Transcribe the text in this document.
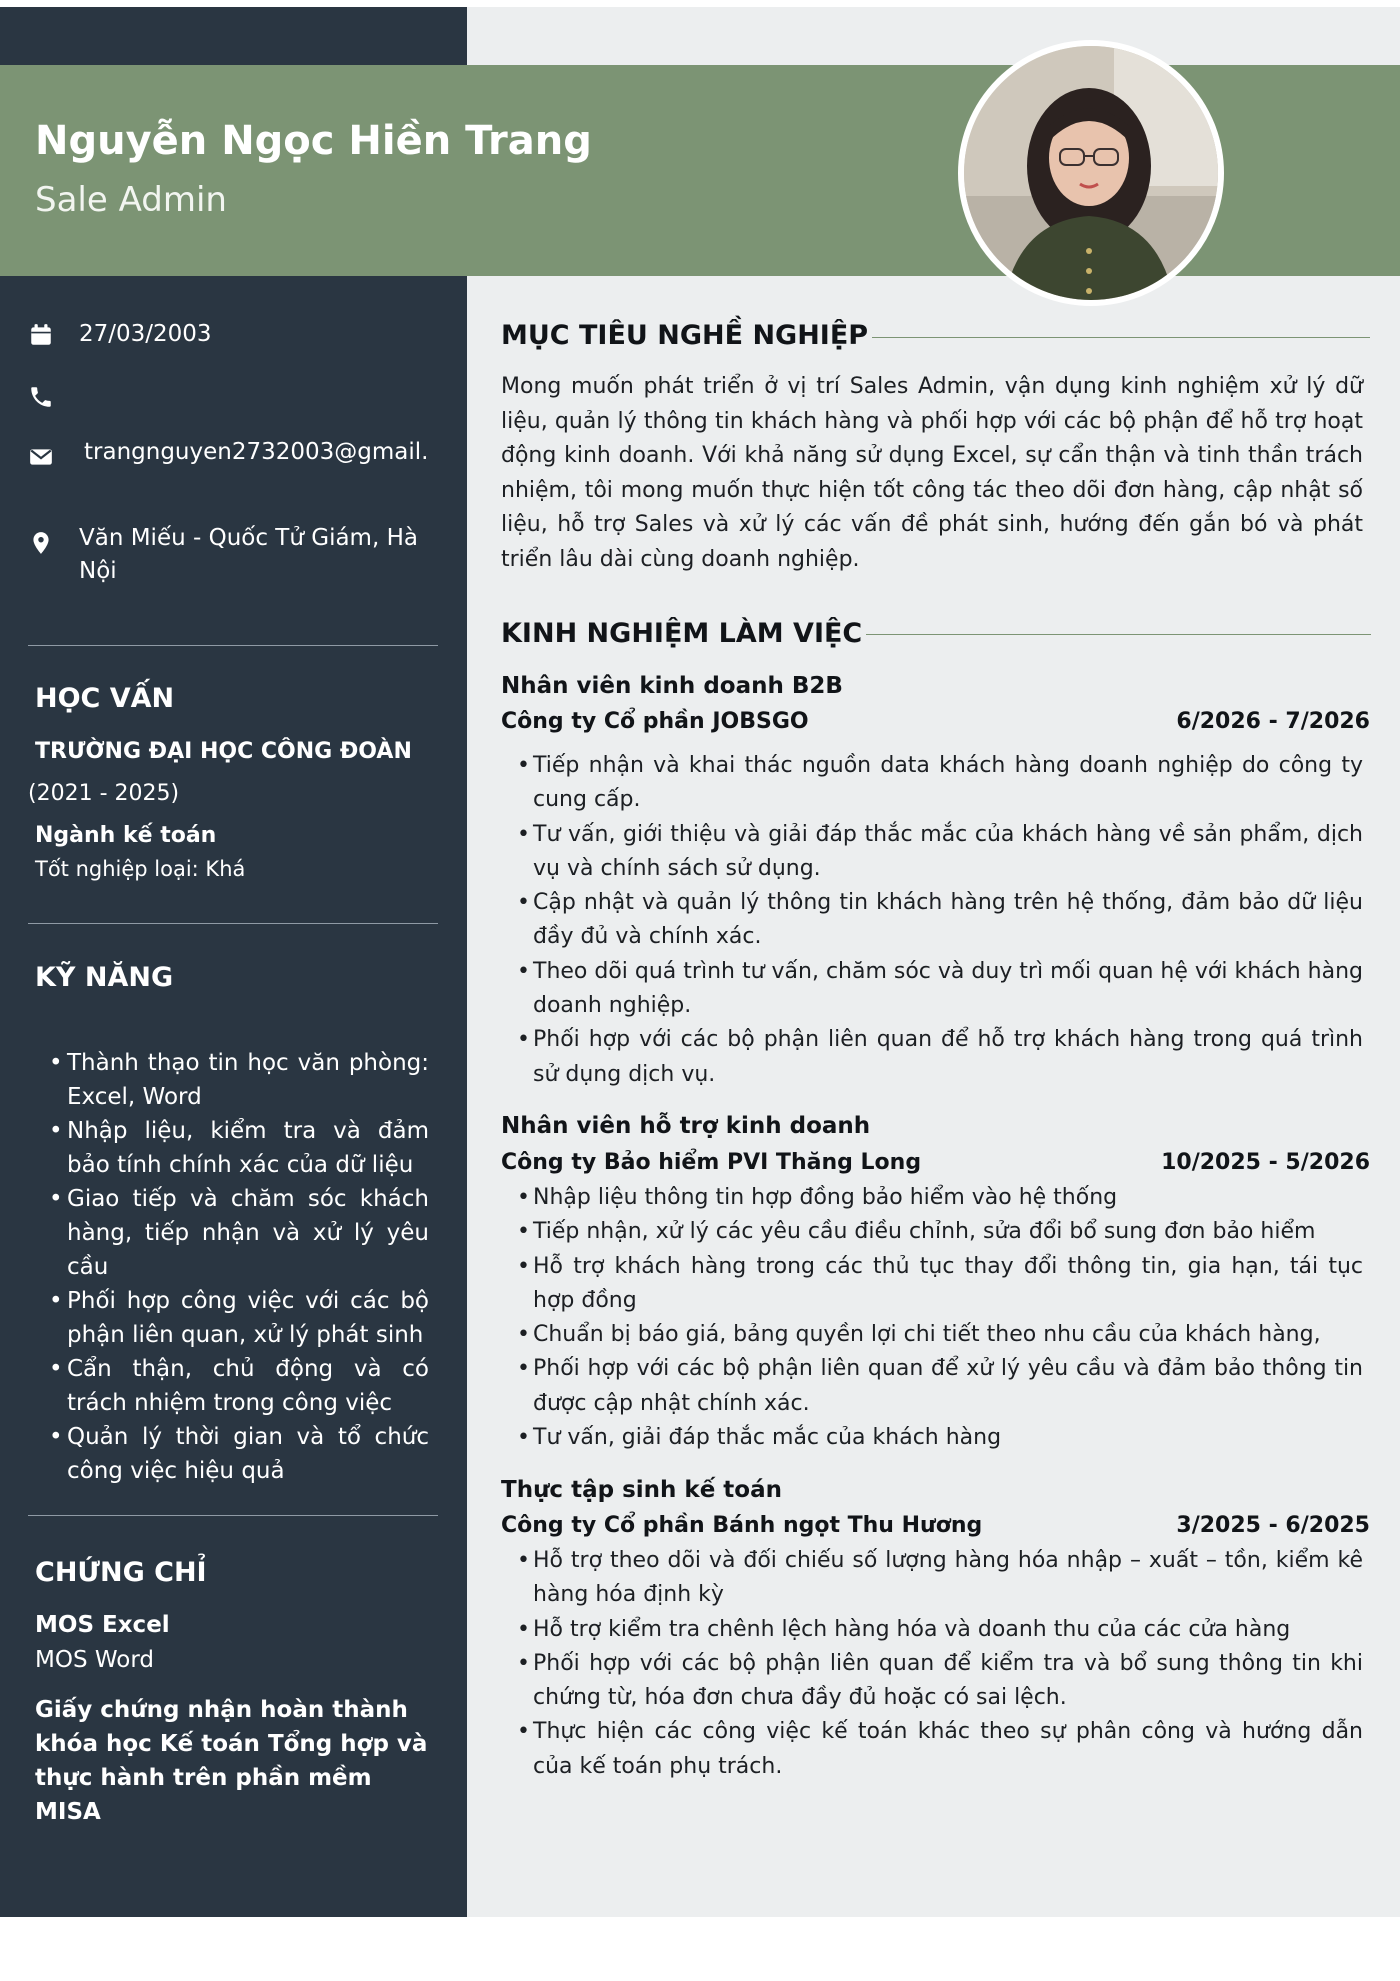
Nguyễn Ngọc Hiền Trang
Sale Admin
27/03/2003
trangnguyen2732003@gmail.
Văn Miếu - Quốc Tử Giám, Hà Nội
HỌC VẤN
TRƯỜNG ĐẠI HỌC CÔNG ĐOÀN
(2021 - 2025)
Ngành kế toán
Tốt nghiệp loại: Khá
KỸ NĂNG
• Thành thạo tin học văn phòng: Excel, Word
• Nhập liệu, kiểm tra và đảm bảo tính chính xác của dữ liệu
• Giao tiếp và chăm sóc khách hàng, tiếp nhận và xử lý yêu cầu
• Phối hợp công việc với các bộ phận liên quan, xử lý phát sinh
• Cẩn thận, chủ động và có trách nhiệm trong công việc
• Quản lý thời gian và tổ chức công việc hiệu quả
CHỨNG CHỈ
MOS Excel
MOS Word
Giấy chứng nhận hoàn thành khóa học Kế toán Tổng hợp và thực hành trên phần mềm MISA
MỤC TIÊU NGHỀ NGHIỆP
Mong muốn phát triển ở vị trí Sales Admin, vận dụng kinh nghiệm xử lý dữ liệu, quản lý thông tin khách hàng và phối hợp với các bộ phận để hỗ trợ hoạt động kinh doanh. Với khả năng sử dụng Excel, sự cẩn thận và tinh thần trách nhiệm, tôi mong muốn thực hiện tốt công tác theo dõi đơn hàng, cập nhật số liệu, hỗ trợ Sales và xử lý các vấn đề phát sinh, hướng đến gắn bó và phát triển lâu dài cùng doanh nghiệp.
KINH NGHIỆM LÀM VIỆC
Nhân viên kinh doanh B2B
Công ty Cổ phần JOBSGO	6/2026 - 7/2026
• Tiếp nhận và khai thác nguồn data khách hàng doanh nghiệp do công ty cung cấp.
• Tư vấn, giới thiệu và giải đáp thắc mắc của khách hàng về sản phẩm, dịch vụ và chính sách sử dụng.
• Cập nhật và quản lý thông tin khách hàng trên hệ thống, đảm bảo dữ liệu đầy đủ và chính xác.
• Theo dõi quá trình tư vấn, chăm sóc và duy trì mối quan hệ với khách hàng doanh nghiệp.
• Phối hợp với các bộ phận liên quan để hỗ trợ khách hàng trong quá trình sử dụng dịch vụ.
Nhân viên hỗ trợ kinh doanh
Công ty Bảo hiểm PVI Thăng Long	10/2025 - 5/2026
• Nhập liệu thông tin hợp đồng bảo hiểm vào hệ thống
• Tiếp nhận, xử lý các yêu cầu điều chỉnh, sửa đổi bổ sung đơn bảo hiểm
• Hỗ trợ khách hàng trong các thủ tục thay đổi thông tin, gia hạn, tái tục hợp đồng
• Chuẩn bị báo giá, bảng quyền lợi chi tiết theo nhu cầu của khách hàng,
• Phối hợp với các bộ phận liên quan để xử lý yêu cầu và đảm bảo thông tin được cập nhật chính xác.
• Tư vấn, giải đáp thắc mắc của khách hàng
Thực tập sinh kế toán
Công ty Cổ phần Bánh ngọt Thu Hương	3/2025 - 6/2025
• Hỗ trợ theo dõi và đối chiếu số lượng hàng hóa nhập – xuất – tồn, kiểm kê hàng hóa định kỳ
• Hỗ trợ kiểm tra chênh lệch hàng hóa và doanh thu của các cửa hàng
• Phối hợp với các bộ phận liên quan để kiểm tra và bổ sung thông tin khi chứng từ, hóa đơn chưa đầy đủ hoặc có sai lệch.
• Thực hiện các công việc kế toán khác theo sự phân công và hướng dẫn của kế toán phụ trách.
